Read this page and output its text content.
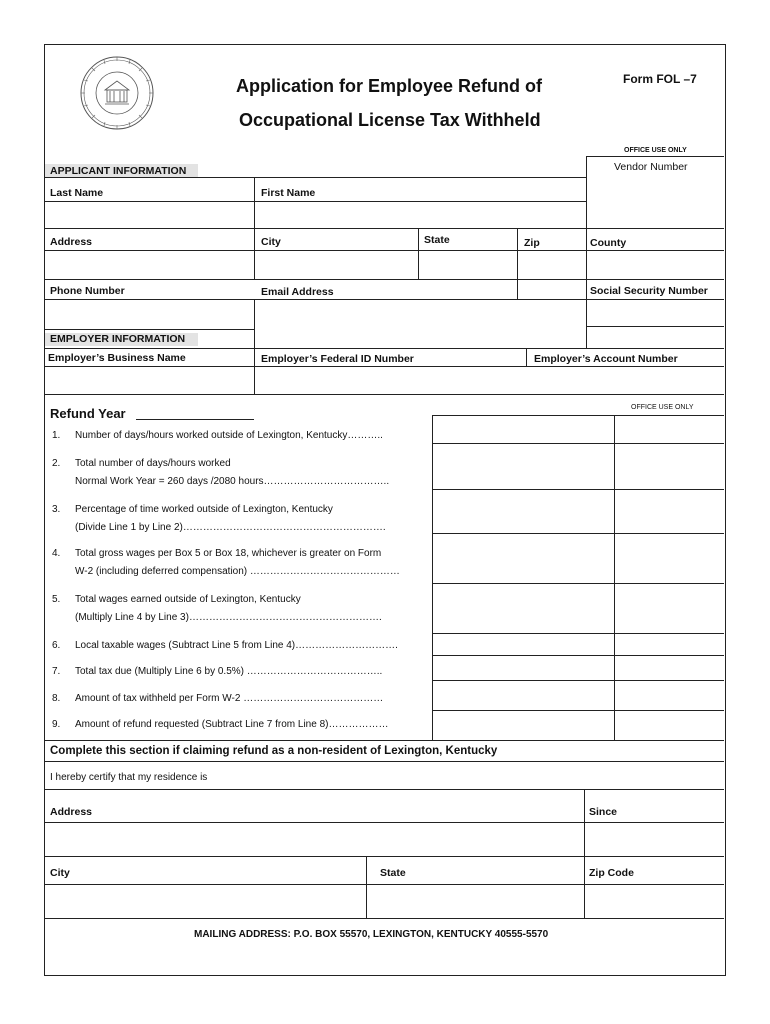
Application for Employee Refund of
Occupational License Tax Withheld
Form FOL –7
OFFICE USE ONLY
Vendor Number
APPLICANT INFORMATION
Last Name	First Name
Address	City	State	Zip	County
Phone Number	Email Address	Social Security Number
EMPLOYER INFORMATION
Employer’s Business Name	Employer’s Federal ID Number	Employer’s Account Number
Refund Year	OFFICE USE ONLY
1. Number of days/hours worked outside of Lexington, Kentucky………..
2. Total number of days/hours worked
Normal Work Year = 260 days /2080 hours………………………………..
3. Percentage of time worked outside of Lexington, Kentucky
(Divide Line 1 by Line 2)…………………………………………………….
4. Total gross wages per Box 5 or Box 18, whichever is greater on Form
W-2 (including deferred compensation) ………………………………………
5. Total wages earned outside of Lexington, Kentucky
(Multiply Line 4 by Line 3)………………………………………………….
6. Local taxable wages (Subtract Line 5 from Line 4)………………………….
7. Total tax due (Multiply Line 6 by 0.5%) …………………………………..
8. Amount of tax withheld per Form W-2 ……………………………………
9. Amount of refund requested (Subtract Line 7 from Line 8)………………
Complete this section if claiming refund as a non-resident of Lexington, Kentucky
I hereby certify that my residence is
Address	Since
City	State	Zip Code
MAILING ADDRESS: P.O. BOX 55570, LEXINGTON, KENTUCKY 40555-5570
